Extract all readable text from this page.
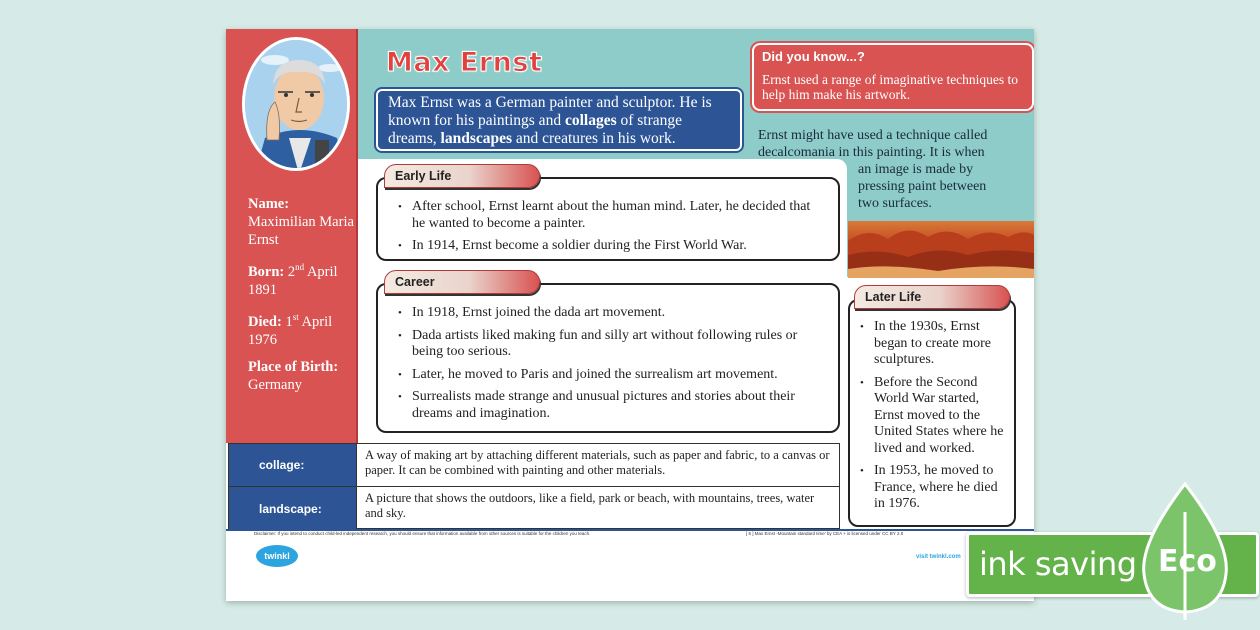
Name:
Maximilian Maria Ernst
Born: 2nd April 1891
Died: 1st April 1976
Place of Birth:
Germany
Max Ernst
Max Ernst was a German painter and sculptor. He is known for his paintings and collages of strange dreams, landscapes and creatures in his work.
Did you know...?
Ernst used a range of imaginative techniques to help him make his artwork.
Ernst might have used a technique called
decalcomania in this painting. It is when
an image is made by
pressing paint between
two surfaces.
• After school, Ernst learnt about the human mind. Later, he decided that he wanted to become a painter.
• In 1914, Ernst become a soldier during the First World War.
Early Life
• In 1918, Ernst joined the dada art movement.
• Dada artists liked making fun and silly art without following rules or being too serious.
• Later, he moved to Paris and joined the surrealism art movement.
• Surrealists made strange and unusual pictures and stories about their dreams and imagination.
Career
• In the 1930s, Ernst began to create more sculptures.
• Before the Second World War started, Ernst moved to the United States where he lived and worked.
• In 1953, he moved to France, where he died in 1976.
Later Life
collage:
A way of making art by attaching different materials, such as paper and fabric, to a canvas or paper. It can be combined with painting and other materials.
landscape:
A picture that shows the outdoors, like a field, park or beach, with mountains, trees, water and sky.
Disclaimer: If you intend to conduct child-led independent research, you should ensure that information available from other sources is suitable for the children you teach.	[ 6 ] Max Ernst -Mountain standard time' by CEA + is licensed under CC BY 2.0
twinkl	visit twinkl.com ink saving Eco
